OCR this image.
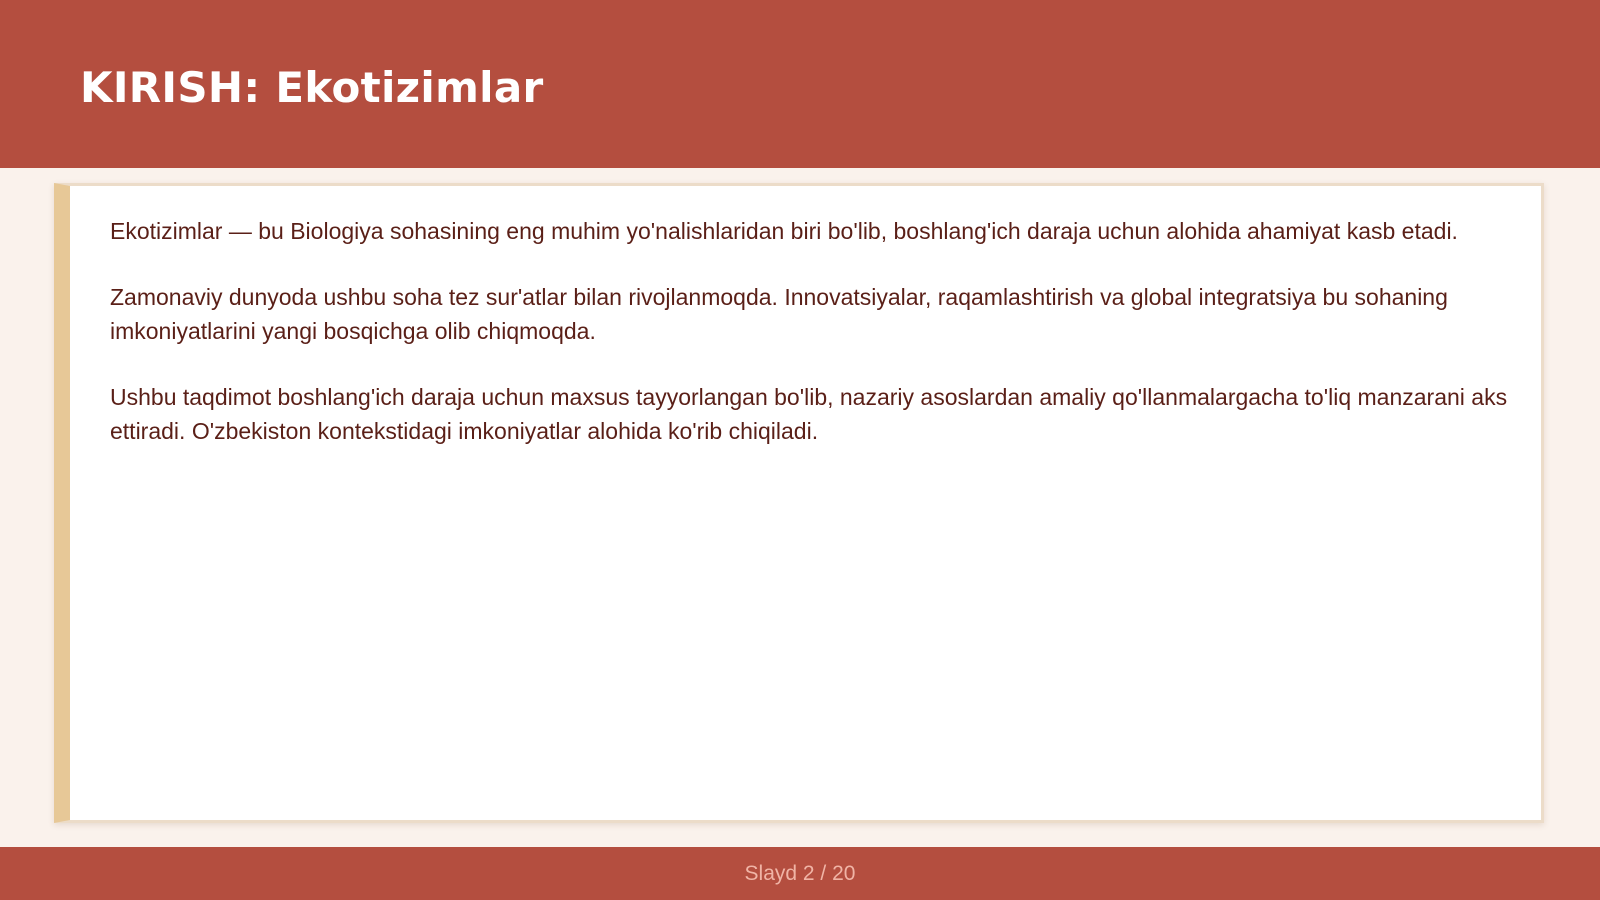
KIRISH: Ekotizimlar

Ekotizimlar — bu Biologiya sohasining eng muhim yo'nalishlaridan biri bo'lib, boshlang'ich daraja uchun alohida ahamiyat kasb etadi.

Zamonaviy dunyoda ushbu soha tez sur'atlar bilan rivojlanmoqda. Innovatsiyalar, raqamlashtirish va global integratsiya bu sohaning imkoniyatlarini yangi bosqichga olib chiqmoqda.

Ushbu taqdimot boshlang'ich daraja uchun maxsus tayyorlangan bo'lib, nazariy asoslardan amaliy qo'llanmalargacha to'liq manzarani aks ettiradi. O'zbekiston kontekstidagi imkoniyatlar alohida ko'rib chiqiladi.

Slayd 2 / 20
